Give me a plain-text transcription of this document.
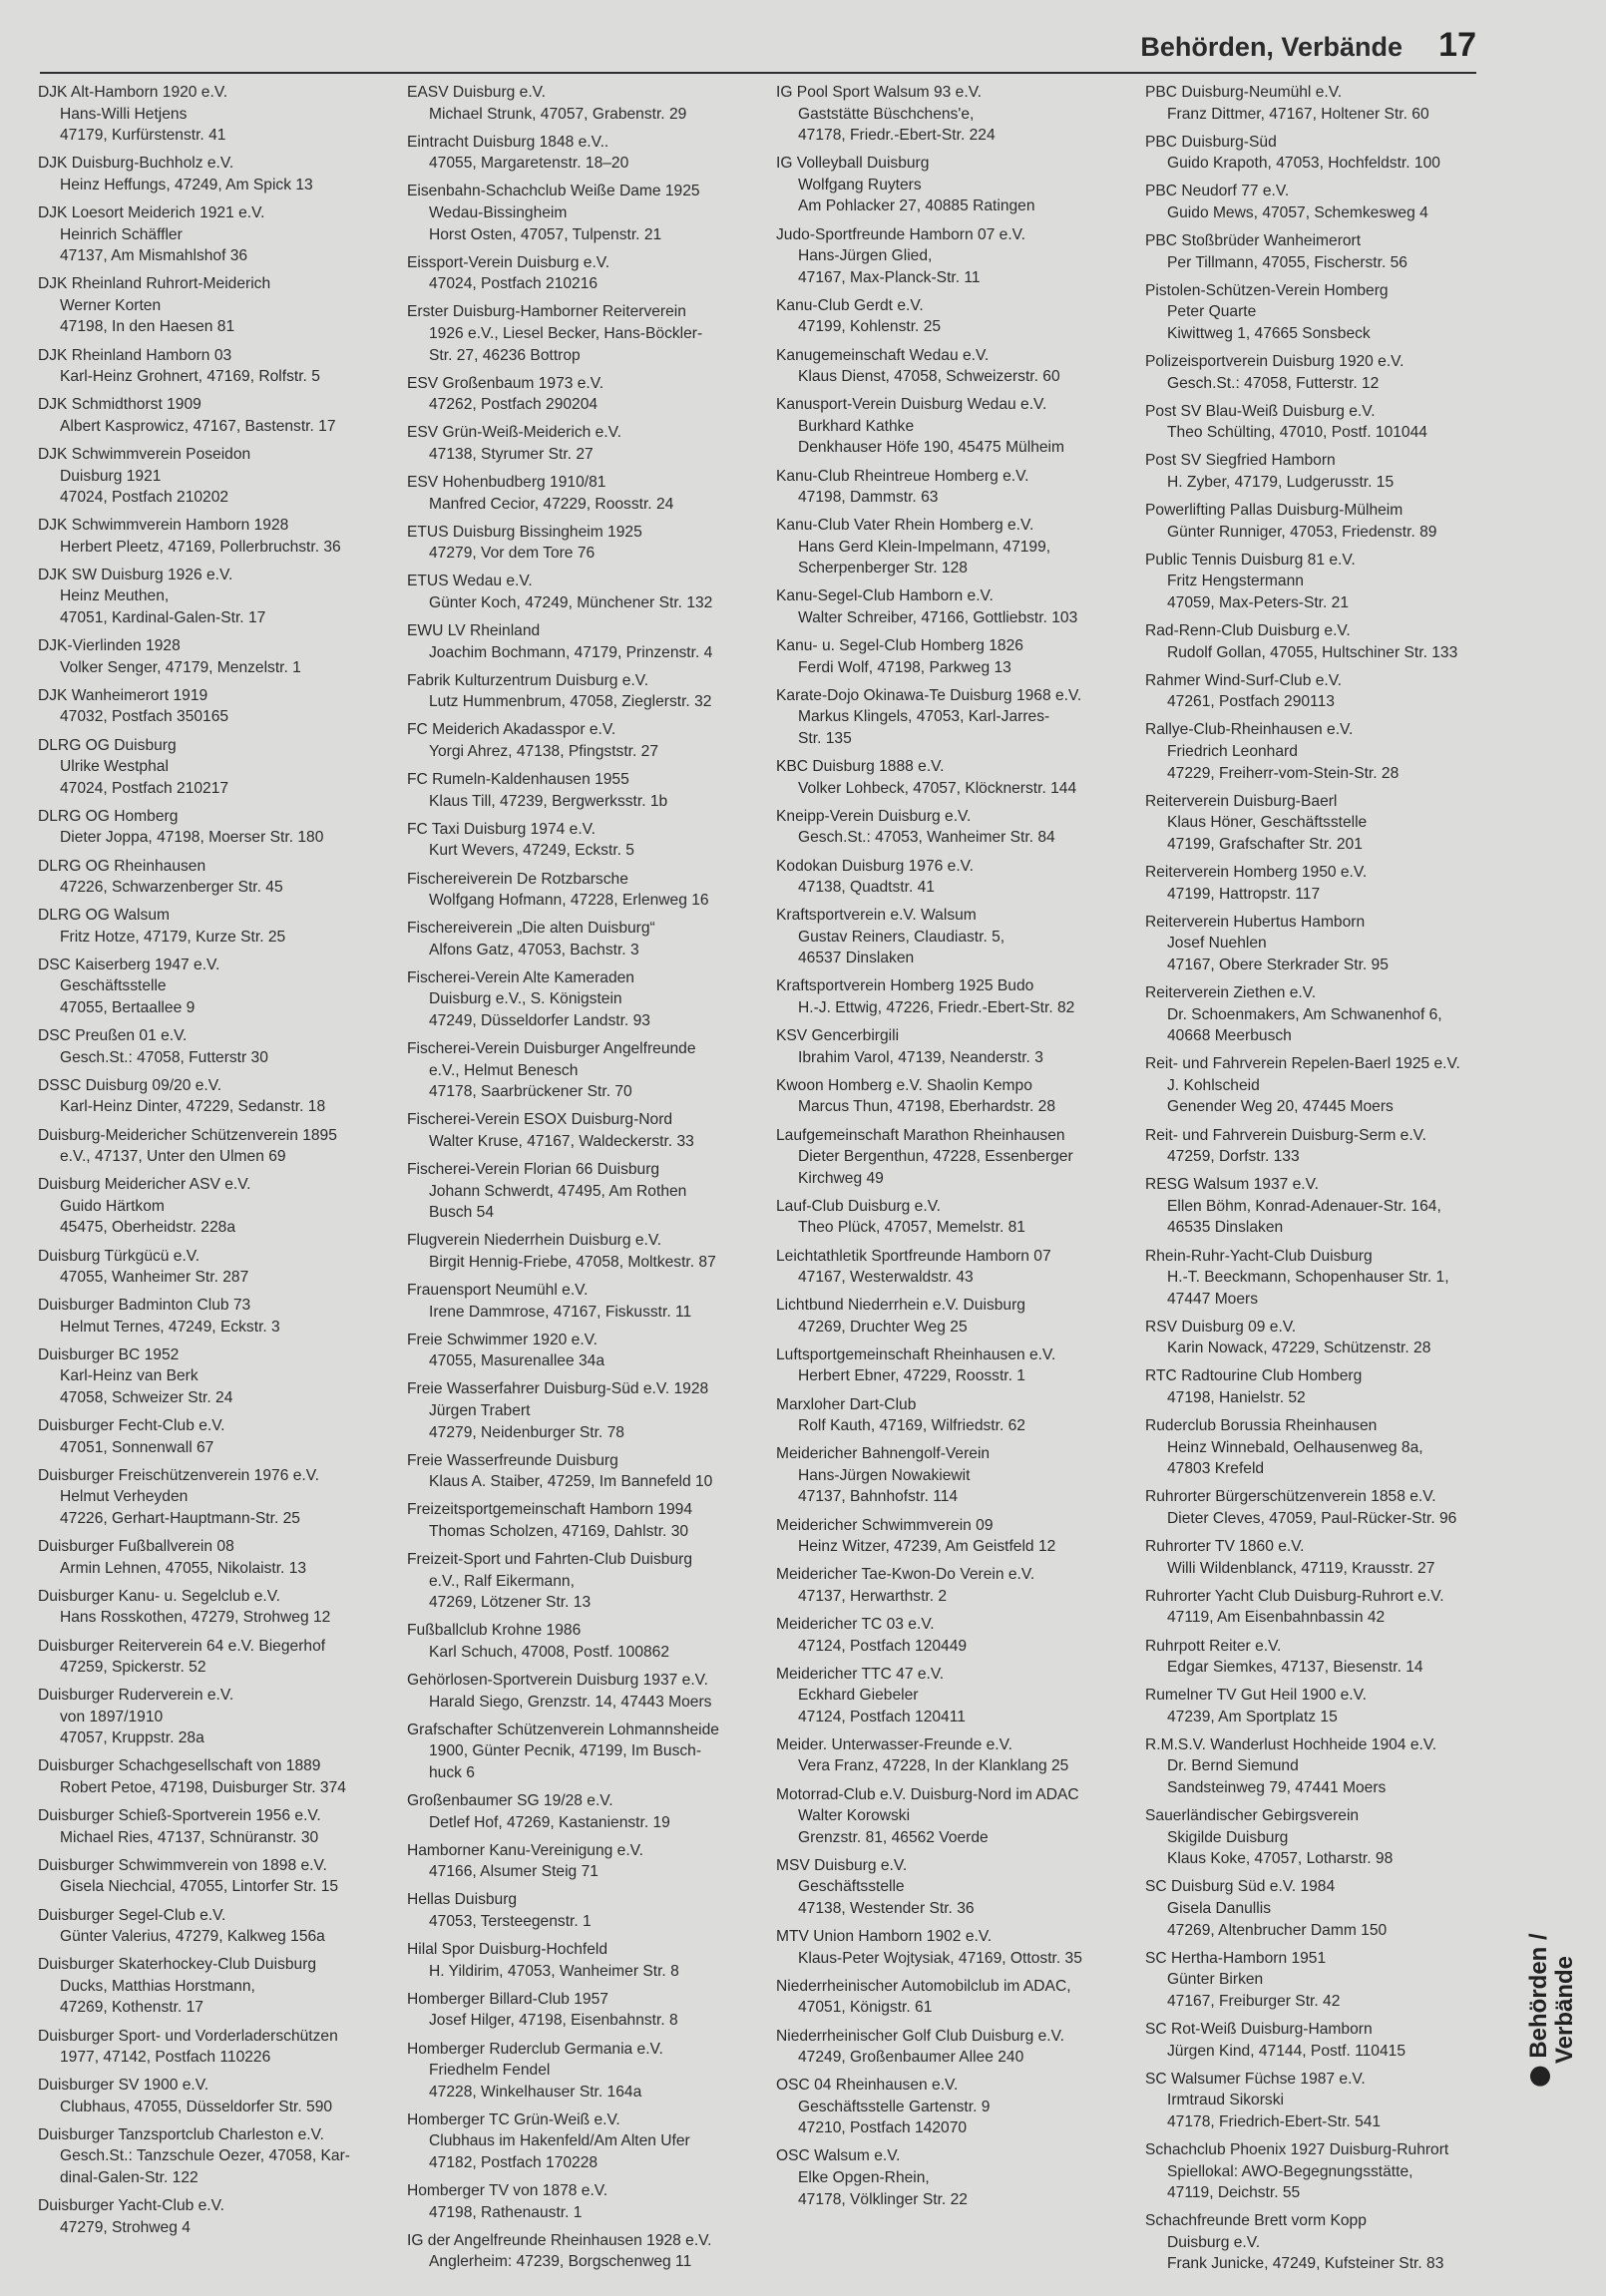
Behörden, Verbände 17
DJK Alt-Hamborn 1920 e.V.
Hans-Willi Hetjens
47179, Kurfürstenstr. 41
DJK Duisburg-Buchholz e.V.
Heinz Heffungs, 47249, Am Spick 13
DJK Loesort Meiderich 1921 e.V.
Heinrich Schäffler
47137, Am Mismahlshof 36
DJK Rheinland Ruhrort-Meiderich
Werner Korten
47198, In den Haesen 81
DJK Rheinland Hamborn 03
Karl-Heinz Grohnert, 47169, Rolfstr. 5
DJK Schmidthorst 1909
Albert Kasprowicz, 47167, Bastenstr. 17
DJK Schwimmverein Poseidon
Duisburg 1921
47024, Postfach 210202
DJK Schwimmverein Hamborn 1928
Herbert Pleetz, 47169, Pollerbruchstr. 36
DJK SW Duisburg 1926 e.V.
Heinz Meuthen,
47051, Kardinal-Galen-Str. 17
DJK-Vierlinden 1928
Volker Senger, 47179, Menzelstr. 1
DJK Wanheimerort 1919
47032, Postfach 350165
DLRG OG Duisburg
Ulrike Westphal
47024, Postfach 210217
DLRG OG Homberg
Dieter Joppa, 47198, Moerser Str. 180
DLRG OG Rheinhausen
47226, Schwarzenberger Str. 45
DLRG OG Walsum
Fritz Hotze, 47179, Kurze Str. 25
DSC Kaiserberg 1947 e.V.
Geschäftsstelle
47055, Bertaallee 9
DSC Preußen 01 e.V.
Gesch.St.: 47058, Futterstr 30
DSSC Duisburg 09/20 e.V.
Karl-Heinz Dinter, 47229, Sedanstr. 18
Duisburg-Meidericher Schützenverein 1895
e.V., 47137, Unter den Ulmen 69
Duisburg Meidericher ASV e.V.
Guido Härtkom
45475, Oberheidstr. 228a
Duisburg Türkgücü e.V.
47055, Wanheimer Str. 287
Duisburger Badminton Club 73
Helmut Ternes, 47249, Eckstr. 3
Duisburger BC 1952
Karl-Heinz van Berk
47058, Schweizer Str. 24
Duisburger Fecht-Club e.V.
47051, Sonnenwall 67
Duisburger Freischützenverein 1976 e.V.
Helmut Verheyden
47226, Gerhart-Hauptmann-Str. 25
Duisburger Fußballverein 08
Armin Lehnen, 47055, Nikolaistr. 13
Duisburger Kanu- u. Segelclub e.V.
Hans Rosskothen, 47279, Strohweg 12
Duisburger Reiterverein 64 e.V. Biegerhof
47259, Spickerstr. 52
Duisburger Ruderverein e.V.
von 1897/1910
47057, Kruppstr. 28a
Duisburger Schachgesellschaft von 1889
Robert Petoe, 47198, Duisburger Str. 374
Duisburger Schieß-Sportverein 1956 e.V.
Michael Ries, 47137, Schnüranstr. 30
Duisburger Schwimmverein von 1898 e.V.
Gisela Niechcial, 47055, Lintorfer Str. 15
Duisburger Segel-Club e.V.
Günter Valerius, 47279, Kalkweg 156a
Duisburger Skaterhockey-Club Duisburg
Ducks, Matthias Horstmann,
47269, Kothenstr. 17
Duisburger Sport- und Vorderladerschützen
1977, 47142, Postfach 110226
Duisburger SV 1900 e.V.
Clubhaus, 47055, Düsseldorfer Str. 590
Duisburger Tanzsportclub Charleston e.V.
Gesch.St.: Tanzschule Oezer, 47058, Kar-
dinal-Galen-Str. 122
Duisburger Yacht-Club e.V.
47279, Strohweg 4
EASV Duisburg e.V.
Michael Strunk, 47057, Grabenstr. 29
Eintracht Duisburg 1848 e.V..
47055, Margaretenstr. 18–20
Eisenbahn-Schachclub Weiße Dame 1925
Wedau-Bissingheim
Horst Osten, 47057, Tulpenstr. 21
Eissport-Verein Duisburg e.V.
47024, Postfach 210216
Erster Duisburg-Hamborner Reiterverein
1926 e.V., Liesel Becker, Hans-Böckler-
Str. 27, 46236 Bottrop
ESV Großenbaum 1973 e.V.
47262, Postfach 290204
ESV Grün-Weiß-Meiderich e.V.
47138, Styrumer Str. 27
ESV Hohenbudberg 1910/81
Manfred Cecior, 47229, Roosstr. 24
ETUS Duisburg Bissingheim 1925
47279, Vor dem Tore 76
ETUS Wedau e.V.
Günter Koch, 47249, Münchener Str. 132
EWU LV Rheinland
Joachim Bochmann, 47179, Prinzenstr. 4
Fabrik Kulturzentrum Duisburg e.V.
Lutz Hummenbrum, 47058, Zieglerstr. 32
FC Meiderich Akadasspor e.V.
Yorgi Ahrez, 47138, Pfingststr. 27
FC Rumeln-Kaldenhausen 1955
Klaus Till, 47239, Bergwerksstr. 1b
FC Taxi Duisburg 1974 e.V.
Kurt Wevers, 47249, Eckstr. 5
Fischereiverein De Rotzbarsche
Wolfgang Hofmann, 47228, Erlenweg 16
Fischereiverein „Die alten Duisburg“
Alfons Gatz, 47053, Bachstr. 3
Fischerei-Verein Alte Kameraden
Duisburg e.V., S. Königstein
47249, Düsseldorfer Landstr. 93
Fischerei-Verein Duisburger Angelfreunde
e.V., Helmut Benesch
47178, Saarbrückener Str. 70
Fischerei-Verein ESOX Duisburg-Nord
Walter Kruse, 47167, Waldeckerstr. 33
Fischerei-Verein Florian 66 Duisburg
Johann Schwerdt, 47495, Am Rothen
Busch 54
Flugverein Niederrhein Duisburg e.V.
Birgit Hennig-Friebe, 47058, Moltkestr. 87
Frauensport Neumühl e.V.
Irene Dammrose, 47167, Fiskusstr. 11
Freie Schwimmer 1920 e.V.
47055, Masurenallee 34a
Freie Wasserfahrer Duisburg-Süd e.V. 1928
Jürgen Trabert
47279, Neidenburger Str. 78
Freie Wasserfreunde Duisburg
Klaus A. Staiber, 47259, Im Bannefeld 10
Freizeitsportgemeinschaft Hamborn 1994
Thomas Scholzen, 47169, Dahlstr. 30
Freizeit-Sport und Fahrten-Club Duisburg
e.V., Ralf Eikermann,
47269, Lötzener Str. 13
Fußballclub Krohne 1986
Karl Schuch, 47008, Postf. 100862
Gehörlosen-Sportverein Duisburg 1937 e.V.
Harald Siego, Grenzstr. 14, 47443 Moers
Grafschafter Schützenverein Lohmannsheide
1900, Günter Pecnik, 47199, Im Busch-
huck 6
Großenbaumer SG 19/28 e.V.
Detlef Hof, 47269, Kastanienstr. 19
Hamborner Kanu-Vereinigung e.V.
47166, Alsumer Steig 71
Hellas Duisburg
47053, Tersteegenstr. 1
Hilal Spor Duisburg-Hochfeld
H. Yildirim, 47053, Wanheimer Str. 8
Homberger Billard-Club 1957
Josef Hilger, 47198, Eisenbahnstr. 8
Homberger Ruderclub Germania e.V.
Friedhelm Fendel
47228, Winkelhauser Str. 164a
Homberger TC Grün-Weiß e.V.
Clubhaus im Hakenfeld/Am Alten Ufer
47182, Postfach 170228
Homberger TV von 1878 e.V.
47198, Rathenaustr. 1
IG der Angelfreunde Rheinhausen 1928 e.V.
Anglerheim: 47239, Borgschenweg 11
IG Pool Sport Walsum 93 e.V.
Gaststätte Büschchens'e,
47178, Friedr.-Ebert-Str. 224
IG Volleyball Duisburg
Wolfgang Ruyters
Am Pohlacker 27, 40885 Ratingen
Judo-Sportfreunde Hamborn 07 e.V.
Hans-Jürgen Glied,
47167, Max-Planck-Str. 11
Kanu-Club Gerdt e.V.
47199, Kohlenstr. 25
Kanugemeinschaft Wedau e.V.
Klaus Dienst, 47058, Schweizerstr. 60
Kanusport-Verein Duisburg Wedau e.V.
Burkhard Kathke
Denkhauser Höfe 190, 45475 Mülheim
Kanu-Club Rheintreue Homberg e.V.
47198, Dammstr. 63
Kanu-Club Vater Rhein Homberg e.V.
Hans Gerd Klein-Impelmann, 47199,
Scherpenberger Str. 128
Kanu-Segel-Club Hamborn e.V.
Walter Schreiber, 47166, Gottliebstr. 103
Kanu- u. Segel-Club Homberg 1826
Ferdi Wolf, 47198, Parkweg 13
Karate-Dojo Okinawa-Te Duisburg 1968 e.V.
Markus Klingels, 47053, Karl-Jarres-
Str. 135
KBC Duisburg 1888 e.V.
Volker Lohbeck, 47057, Klöcknerstr. 144
Kneipp-Verein Duisburg e.V.
Gesch.St.: 47053, Wanheimer Str. 84
Kodokan Duisburg 1976 e.V.
47138, Quadtstr. 41
Kraftsportverein e.V. Walsum
Gustav Reiners, Claudiastr. 5,
46537 Dinslaken
Kraftsportverein Homberg 1925 Budo
H.-J. Ettwig, 47226, Friedr.-Ebert-Str. 82
KSV Gencerbirgili
Ibrahim Varol, 47139, Neanderstr. 3
Kwoon Homberg e.V. Shaolin Kempo
Marcus Thun, 47198, Eberhardstr. 28
Laufgemeinschaft Marathon Rheinhausen
Dieter Bergenthun, 47228, Essenberger
Kirchweg 49
Lauf-Club Duisburg e.V.
Theo Plück, 47057, Memelstr. 81
Leichtathletik Sportfreunde Hamborn 07
47167, Westerwaldstr. 43
Lichtbund Niederrhein e.V. Duisburg
47269, Druchter Weg 25
Luftsportgemeinschaft Rheinhausen e.V.
Herbert Ebner, 47229, Roosstr. 1
Marxloher Dart-Club
Rolf Kauth, 47169, Wilfriedstr. 62
Meidericher Bahnengolf-Verein
Hans-Jürgen Nowakiewit
47137, Bahnhofstr. 114
Meidericher Schwimmverein 09
Heinz Witzer, 47239, Am Geistfeld 12
Meidericher Tae-Kwon-Do Verein e.V.
47137, Herwarthstr. 2
Meidericher TC 03 e.V.
47124, Postfach 120449
Meidericher TTC 47 e.V.
Eckhard Giebeler
47124, Postfach 120411
Meider. Unterwasser-Freunde e.V.
Vera Franz, 47228, In der Klanklang 25
Motorrad-Club e.V. Duisburg-Nord im ADAC
Walter Korowski
Grenzstr. 81, 46562 Voerde
MSV Duisburg e.V.
Geschäftsstelle
47138, Westender Str. 36
MTV Union Hamborn 1902 e.V.
Klaus-Peter Wojtysiak, 47169, Ottostr. 35
Niederrheinischer Automobilclub im ADAC,
47051, Königstr. 61
Niederrheinischer Golf Club Duisburg e.V.
47249, Großenbaumer Allee 240
OSC 04 Rheinhausen e.V.
Geschäftsstelle Gartenstr. 9
47210, Postfach 142070
OSC Walsum e.V.
Elke Opgen-Rhein,
47178, Völklinger Str. 22
PBC Duisburg-Neumühl e.V.
Franz Dittmer, 47167, Holtener Str. 60
PBC Duisburg-Süd
Guido Krapoth, 47053, Hochfeldstr. 100
PBC Neudorf 77 e.V.
Guido Mews, 47057, Schemkesweg 4
PBC Stoßbrüder Wanheimerort
Per Tillmann, 47055, Fischerstr. 56
Pistolen-Schützen-Verein Homberg
Peter Quarte
Kiwittweg 1, 47665 Sonsbeck
Polizeisportverein Duisburg 1920 e.V.
Gesch.St.: 47058, Futterstr. 12
Post SV Blau-Weiß Duisburg e.V.
Theo Schülting, 47010, Postf. 101044
Post SV Siegfried Hamborn
H. Zyber, 47179, Ludgerusstr. 15
Powerlifting Pallas Duisburg-Mülheim
Günter Runniger, 47053, Friedenstr. 89
Public Tennis Duisburg 81 e.V.
Fritz Hengstermann
47059, Max-Peters-Str. 21
Rad-Renn-Club Duisburg e.V.
Rudolf Gollan, 47055, Hultschiner Str. 133
Rahmer Wind-Surf-Club e.V.
47261, Postfach 290113
Rallye-Club-Rheinhausen e.V.
Friedrich Leonhard
47229, Freiherr-vom-Stein-Str. 28
Reiterverein Duisburg-Baerl
Klaus Höner, Geschäftsstelle
47199, Grafschafter Str. 201
Reiterverein Homberg 1950 e.V.
47199, Hattropstr. 117
Reiterverein Hubertus Hamborn
Josef Nuehlen
47167, Obere Sterkrader Str. 95
Reiterverein Ziethen e.V.
Dr. Schoenmakers, Am Schwanenhof 6,
40668 Meerbusch
Reit- und Fahrverein Repelen-Baerl 1925 e.V.
J. Kohlscheid
Genender Weg 20, 47445 Moers
Reit- und Fahrverein Duisburg-Serm e.V.
47259, Dorfstr. 133
RESG Walsum 1937 e.V.
Ellen Böhm, Konrad-Adenauer-Str. 164,
46535 Dinslaken
Rhein-Ruhr-Yacht-Club Duisburg
H.-T. Beeckmann, Schopenhauser Str. 1,
47447 Moers
RSV Duisburg 09 e.V.
Karin Nowack, 47229, Schützenstr. 28
RTC Radtourine Club Homberg
47198, Hanielstr. 52
Ruderclub Borussia Rheinhausen
Heinz Winnebald, Oelhausenweg 8a,
47803 Krefeld
Ruhrorter Bürgerschützenverein 1858 e.V.
Dieter Cleves, 47059, Paul-Rücker-Str. 96
Ruhrorter TV 1860 e.V.
Willi Wildenblanck, 47119, Krausstr. 27
Ruhrorter Yacht Club Duisburg-Ruhrort e.V.
47119, Am Eisenbahnbassin 42
Ruhrpott Reiter e.V.
Edgar Siemkes, 47137, Biesenstr. 14
Rumelner TV Gut Heil 1900 e.V.
47239, Am Sportplatz 15
R.M.S.V. Wanderlust Hochheide 1904 e.V.
Dr. Bernd Siemund
Sandsteinweg 79, 47441 Moers
Sauerländischer Gebirgsverein
Skigilde Duisburg
Klaus Koke, 47057, Lotharstr. 98
SC Duisburg Süd e.V. 1984
Gisela Danullis
47269, Altenbrucher Damm 150
SC Hertha-Hamborn 1951
Günter Birken
47167, Freiburger Str. 42
SC Rot-Weiß Duisburg-Hamborn
Jürgen Kind, 47144, Postf. 110415
SC Walsumer Füchse 1987 e.V.
Irmtraud Sikorski
47178, Friedrich-Ebert-Str. 541
Schachclub Phoenix 1927 Duisburg-Ruhrort
Spiellokal: AWO-Begegnungsstätte,
47119, Deichstr. 55
Schachfreunde Brett vorm Kopp
Duisburg e.V.
Frank Junicke, 47249, Kufsteiner Str. 83
Behörden / Verbände
